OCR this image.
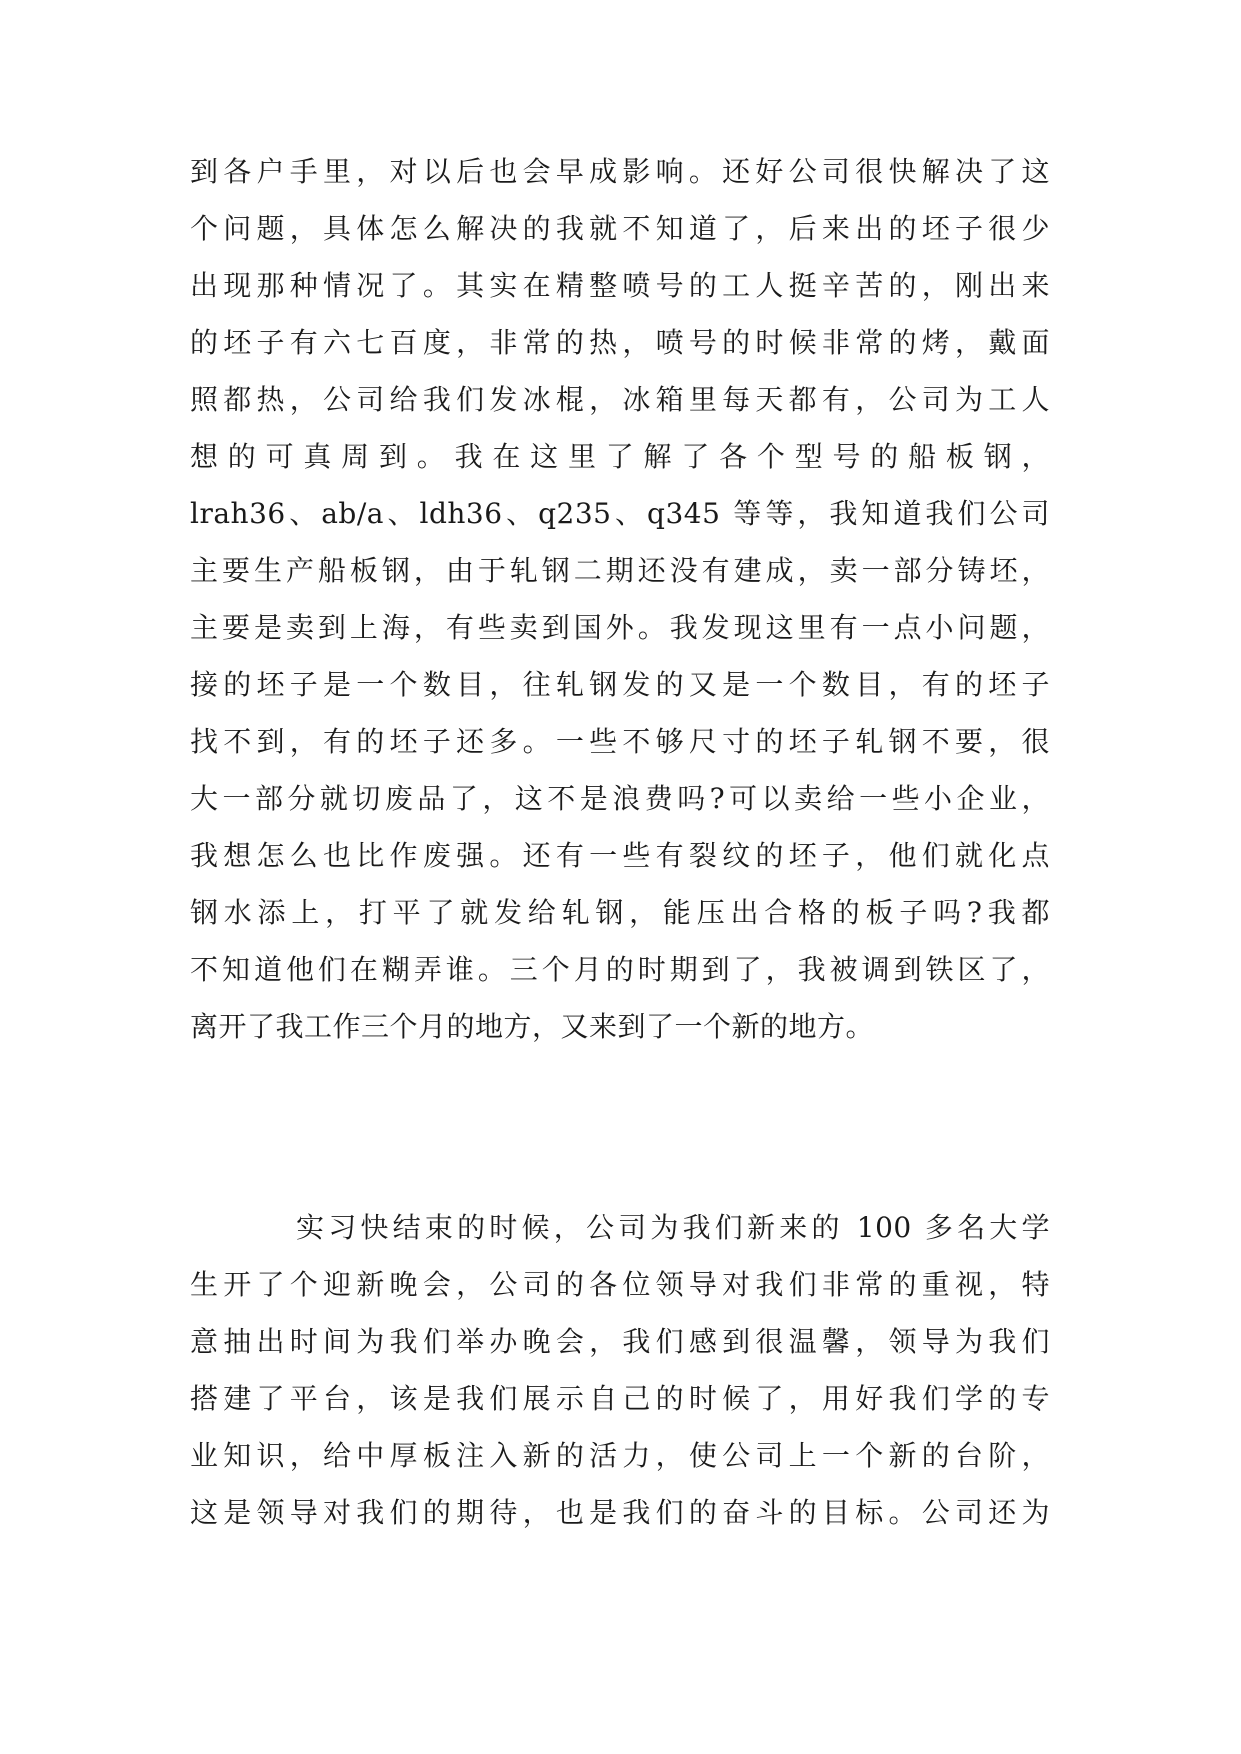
到各户手里，对以后也会早成影响。还好公司很快解决了这
个问题，具体怎么解决的我就不知道了，后来出的坯子很少
出现那种情况了。其实在精整喷号的工人挺辛苦的，刚出来
的坯子有六七百度，非常的热，喷号的时候非常的烤，戴面
照都热，公司给我们发冰棍，冰箱里每天都有，公司为工人
想的可真周到。我在这里了解了各个型号的船板钢，
lrah36、ab/a、ldh36、q235、q345 等等，我知道我们公司
主要生产船板钢，由于轧钢二期还没有建成，卖一部分铸坯，
主要是卖到上海，有些卖到国外。我发现这里有一点小问题，
接的坯子是一个数目，往轧钢发的又是一个数目，有的坯子
找不到，有的坯子还多。一些不够尺寸的坯子轧钢不要，很
大一部分就切废品了，这不是浪费吗?可以卖给一些小企业，
我想怎么也比作废强。还有一些有裂纹的坯子，他们就化点
钢水添上，打平了就发给轧钢，能压出合格的板子吗?我都
不知道他们在糊弄谁。三个月的时期到了，我被调到铁区了，
离开了我工作三个月的地方，又来到了一个新的地方。
实习快结束的时候，公司为我们新来的 100 多名大学
生开了个迎新晚会，公司的各位领导对我们非常的重视，特
意抽出时间为我们举办晚会，我们感到很温馨，领导为我们
搭建了平台，该是我们展示自己的时候了，用好我们学的专
业知识，给中厚板注入新的活力，使公司上一个新的台阶，
这是领导对我们的期待，也是我们的奋斗的目标。公司还为
